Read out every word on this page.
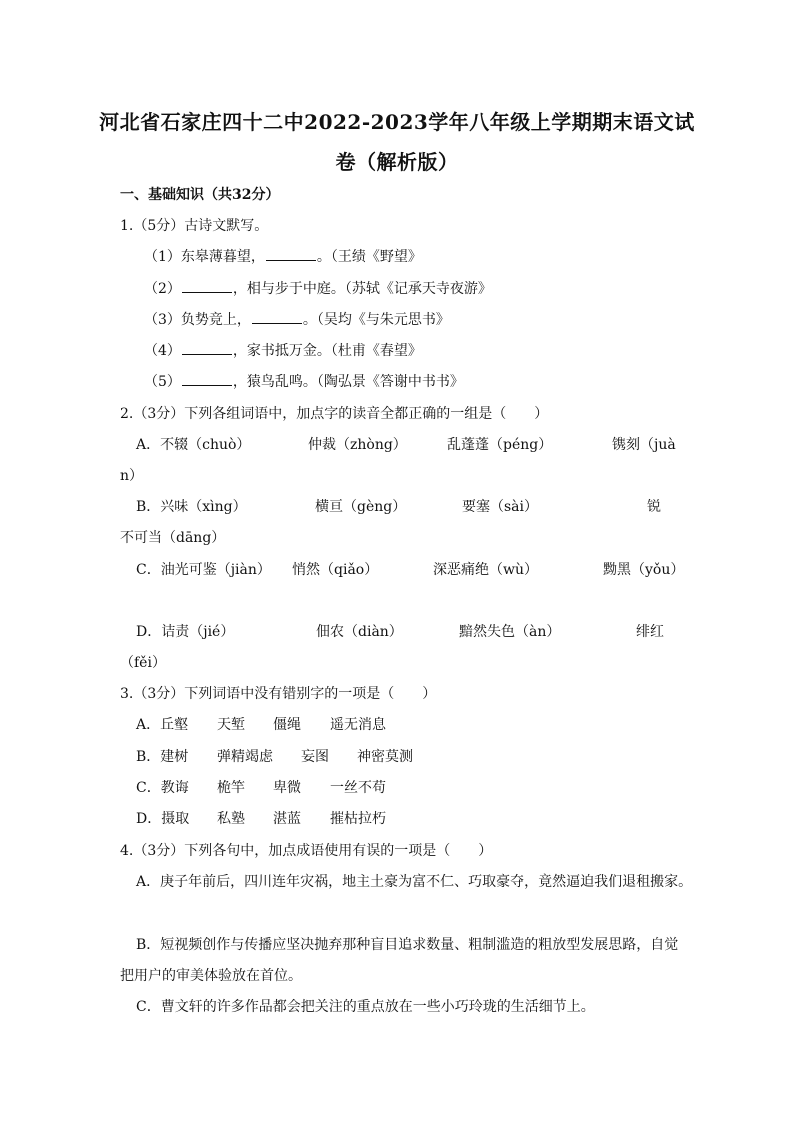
河北省石家庄四十二中2022-2023学年八年级上学期期末语文试
卷（解析版）
一、基础知识（共32分）
1.（5分）古诗文默写。
（1）东皋薄暮望，	。（王绩《野望》
（2）	，相与步于中庭。（苏轼《记承天寺夜游》
（3）负势竞上，	。（吴均《与朱元思书》
（4）	，家书抵万金。（杜甫《春望》
（5）	，猿鸟乱鸣。（陶弘景《答谢中书书》
2.（3分）下列各组词语中，加点字的读音全都正确的一组是（　　）
A．不辍（chuò）	仲裁（zhòng）	乱蓬蓬（péng）	镌刻（juà
n）
B．兴味（xìng）	横亘（gèng）	要塞（sài）	锐
不可当（dāng）
C．油光可鉴（jiàn） 悄然（qiǎo）	深恶痛绝（wù）	黝黑（yǒu）
D．诘责（jié）	佃农（diàn）	黯然失色（àn）	绯红
（fěi）
3.（3分）下列词语中没有错别字的一项是（　　）
A．丘壑 天堑 僵绳 遥无消息
B．建树 弹精竭虑 妄图 神密莫测
C．教诲 桅竿 卑微 一丝不苟
D．摄取 私塾 湛蓝 摧枯拉朽
4.（3分）下列各句中，加点成语使用有误的一项是（　　）
A．庚子年前后，四川连年灾祸，地主土豪为富不仁、巧取豪夺，竟然逼迫我们退租搬家。
B．短视频创作与传播应坚决抛弃那种盲目追求数量、粗制滥造的粗放型发展思路，自觉
把用户的审美体验放在首位。
C．曹文轩的许多作品都会把关注的重点放在一些小巧玲珑的生活细节上。
